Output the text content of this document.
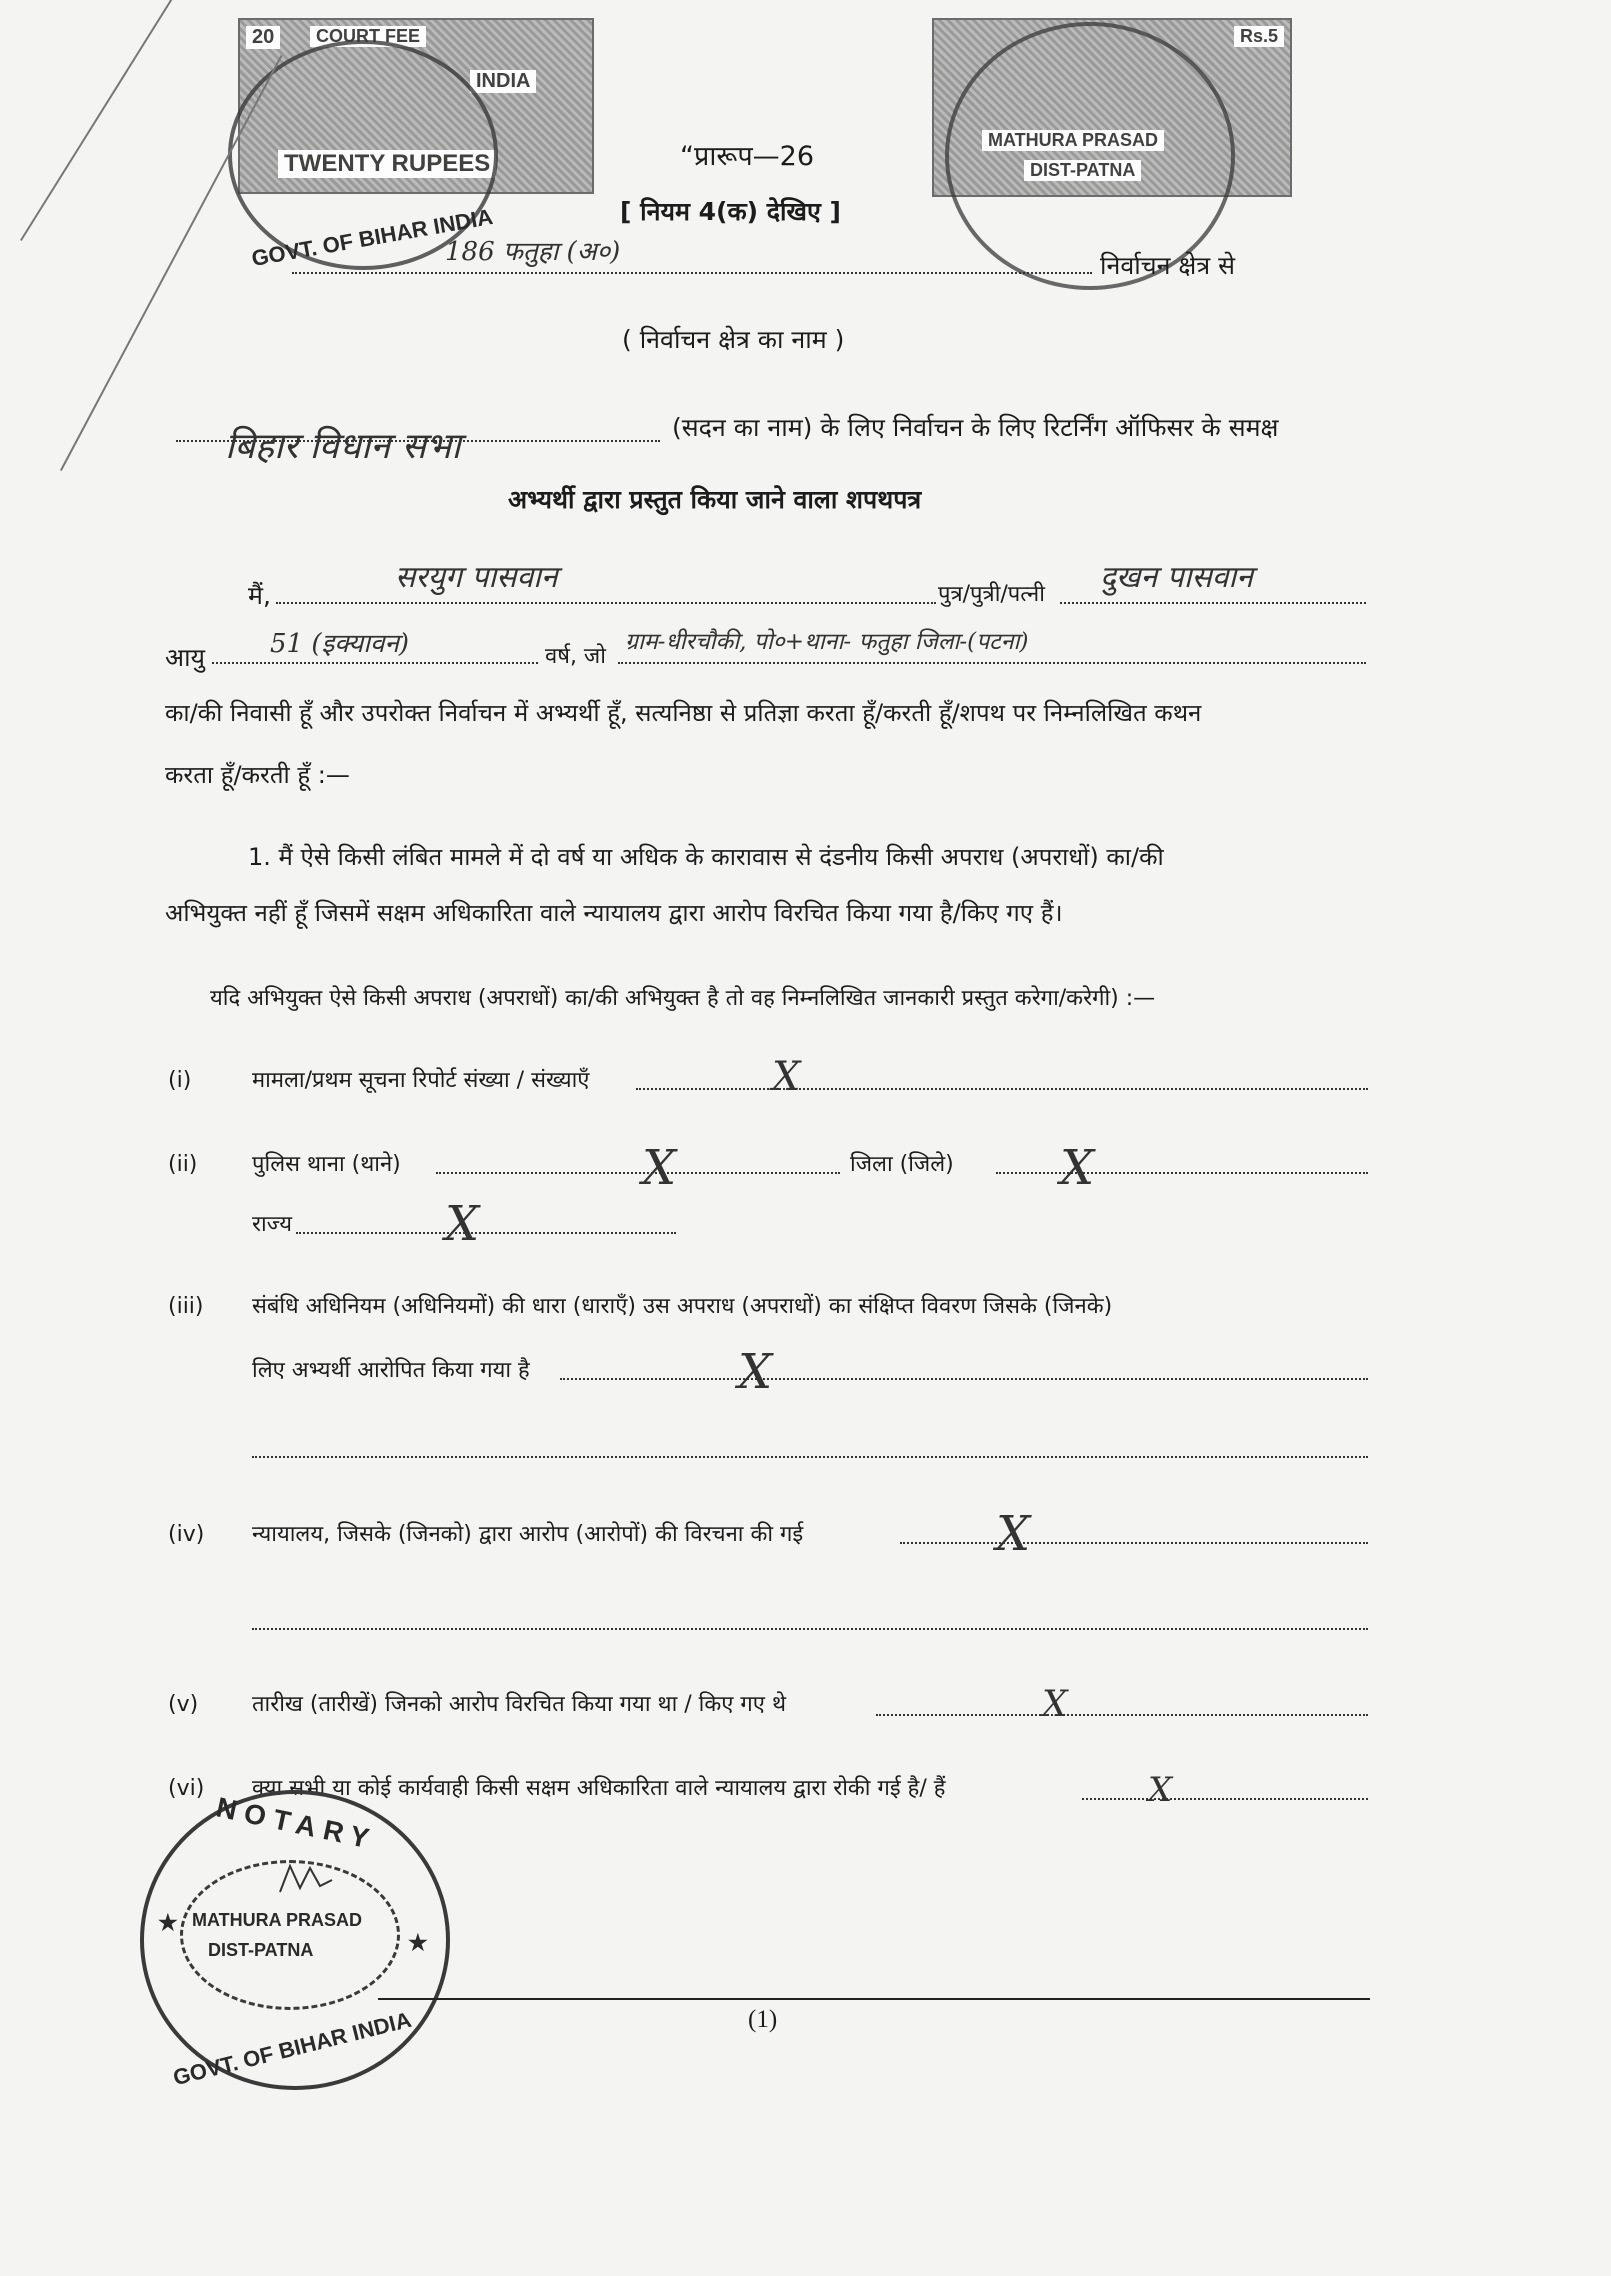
COURT FEE
INDIA
TWENTY RUPEES
20
GOVT. OF BIHAR INDIA
Rs.5
MATHURA PRASAD
DIST-PATNA
“प्रारूप—26
[ नियम 4(क) देखिए ]
186 फतुहा (अ०)	निर्वाचन क्षेत्र से
( निर्वाचन क्षेत्र का नाम )
बिहार विधान सभा	(सदन का नाम) के लिए निर्वाचन के लिए रिटर्निंग ऑफिसर के समक्ष
अभ्यर्थी द्वारा प्रस्तुत किया जाने वाला शपथपत्र
मैं,
सरयुग पासवान	पुत्र/पुत्री/पत्नी दुखन पासवान
आयु 51 (इक्यावन)	वर्ष, जो
ग्राम-धीरचौकी, पो०+थाना- फतुहा जिला-(पटना)
का/की निवासी हूँ और उपरोक्त निर्वाचन में अभ्यर्थी हूँ, सत्यनिष्ठा से प्रतिज्ञा करता हूँ/करती हूँ/शपथ पर निम्नलिखित कथन
करता हूँ/करती हूँ :—
1. मैं ऐसे किसी लंबित मामले में दो वर्ष या अधिक के कारावास से दंडनीय किसी अपराध (अपराधों) का/की
अभियुक्त नहीं हूँ जिसमें सक्षम अधिकारिता वाले न्यायालय द्वारा आरोप विरचित किया गया है/किए गए हैं।
यदि अभियुक्त ऐसे किसी अपराध (अपराधों) का/की अभियुक्त है तो वह निम्नलिखित जानकारी प्रस्तुत करेगा/करेगी) :—
(i)	मामला/प्रथम सूचना रिपोर्ट संख्या / संख्याएँ	X
(ii) पुलिस थाना (थाने)	X	जिला (जिले) X
राज्य	X
(iii) संबंधि अधिनियम (अधिनियमों) की धारा (धाराएँ) उस अपराध (अपराधों) का संक्षिप्त विवरण जिसके (जिनके)
लिए अभ्यर्थी आरोपित किया गया है	X
(iv) न्यायालय, जिसके (जिनको) द्वारा आरोप (आरोपों) की विरचना की गई	X
(v) तारीख (तारीखें) जिनको आरोप विरचित किया गया था / किए गए थे	X
(vi) क्या सभी या कोई कार्यवाही किसी सक्षम अधिकारिता वाले न्यायालय द्वारा रोकी गई है/ हैं	X
NOTARY
MATHURA PRASAD
DIST-PATNA
GOVT. OF BIHAR INDIA
★
★
(1)
